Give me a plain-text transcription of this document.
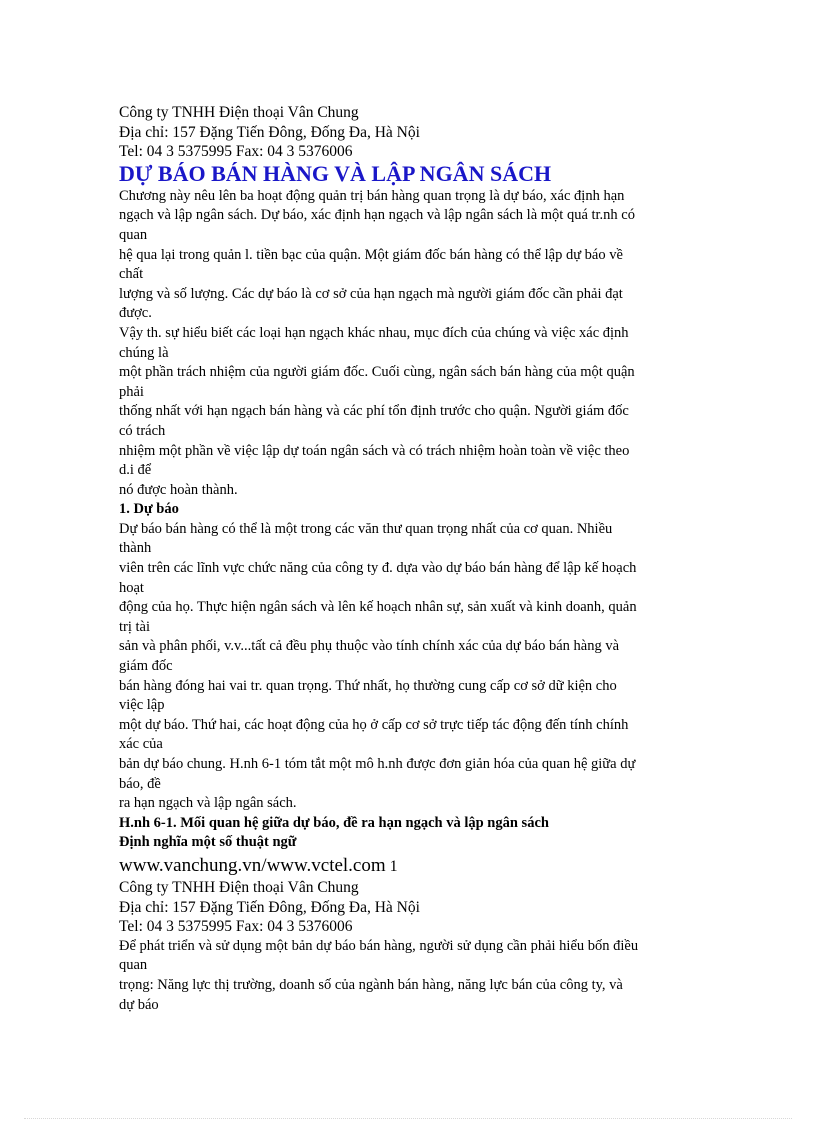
Công ty TNHH Điện thoại Vân Chung
Địa chỉ: 157 Đặng Tiến Đông, Đống Đa, Hà Nội
Tel: 04 3 5375995 Fax: 04 3 5376006
DỰ BÁO BÁN HÀNG VÀ LẬP NGÂN SÁCH
Chương này nêu lên ba hoạt động quản trị bán hàng quan trọng là dự báo, xác định hạn
ngạch và lập ngân sách. Dự báo, xác định hạn ngạch và lập ngân sách là một quá tr.nh có
quan
hệ qua lại trong quản l. tiền bạc của quận. Một giám đốc bán hàng có thể lập dự báo về
chất
lượng và số lượng. Các dự báo là cơ sở của hạn ngạch mà người giám đốc cần phải đạt
được.
Vậy th. sự hiểu biết các loại hạn ngạch khác nhau, mục đích của chúng và việc xác định
chúng là
một phần trách nhiệm của người giám đốc. Cuối cùng, ngân sách bán hàng của một quận
phải
thống nhất với hạn ngạch bán hàng và các phí tổn định trước cho quận. Người giám đốc
có trách
nhiệm một phần về việc lập dự toán ngân sách và có trách nhiệm hoàn toàn về việc theo
d.i để
nó được hoàn thành.
1. Dự báo
Dự báo bán hàng có thể là một trong các văn thư quan trọng nhất của cơ quan. Nhiều
thành
viên trên các lĩnh vực chức năng của công ty đ. dựa vào dự báo bán hàng để lập kế hoạch
hoạt
động của họ. Thực hiện ngân sách và lên kế hoạch nhân sự, sản xuất và kinh doanh, quản
trị tài
sản và phân phối, v.v...tất cả đều phụ thuộc vào tính chính xác của dự báo bán hàng và
giám đốc
bán hàng đóng hai vai tr. quan trọng. Thứ nhất, họ thường cung cấp cơ sở dữ kiện cho
việc lập
một dự báo. Thứ hai, các hoạt động của họ ở cấp cơ sở trực tiếp tác động đến tính chính
xác của
bản dự báo chung. H.nh 6-1 tóm tắt một mô h.nh được đơn giản hóa của quan hệ giữa dự
báo, đề
ra hạn ngạch và lập ngân sách.
H.nh 6-1. Mối quan hệ giữa dự báo, đề ra hạn ngạch và lập ngân sách
Định nghĩa một số thuật ngữ
www.vanchung.vn/www.vctel.com 1
Công ty TNHH Điện thoại Vân Chung
Địa chỉ: 157 Đặng Tiến Đông, Đống Đa, Hà Nội
Tel: 04 3 5375995 Fax: 04 3 5376006
Để phát triển và sử dụng một bản dự báo bán hàng, người sử dụng cần phải hiểu bốn điều
quan
trọng: Năng lực thị trường, doanh số của ngành bán hàng, năng lực bán của công ty, và
dự báo
